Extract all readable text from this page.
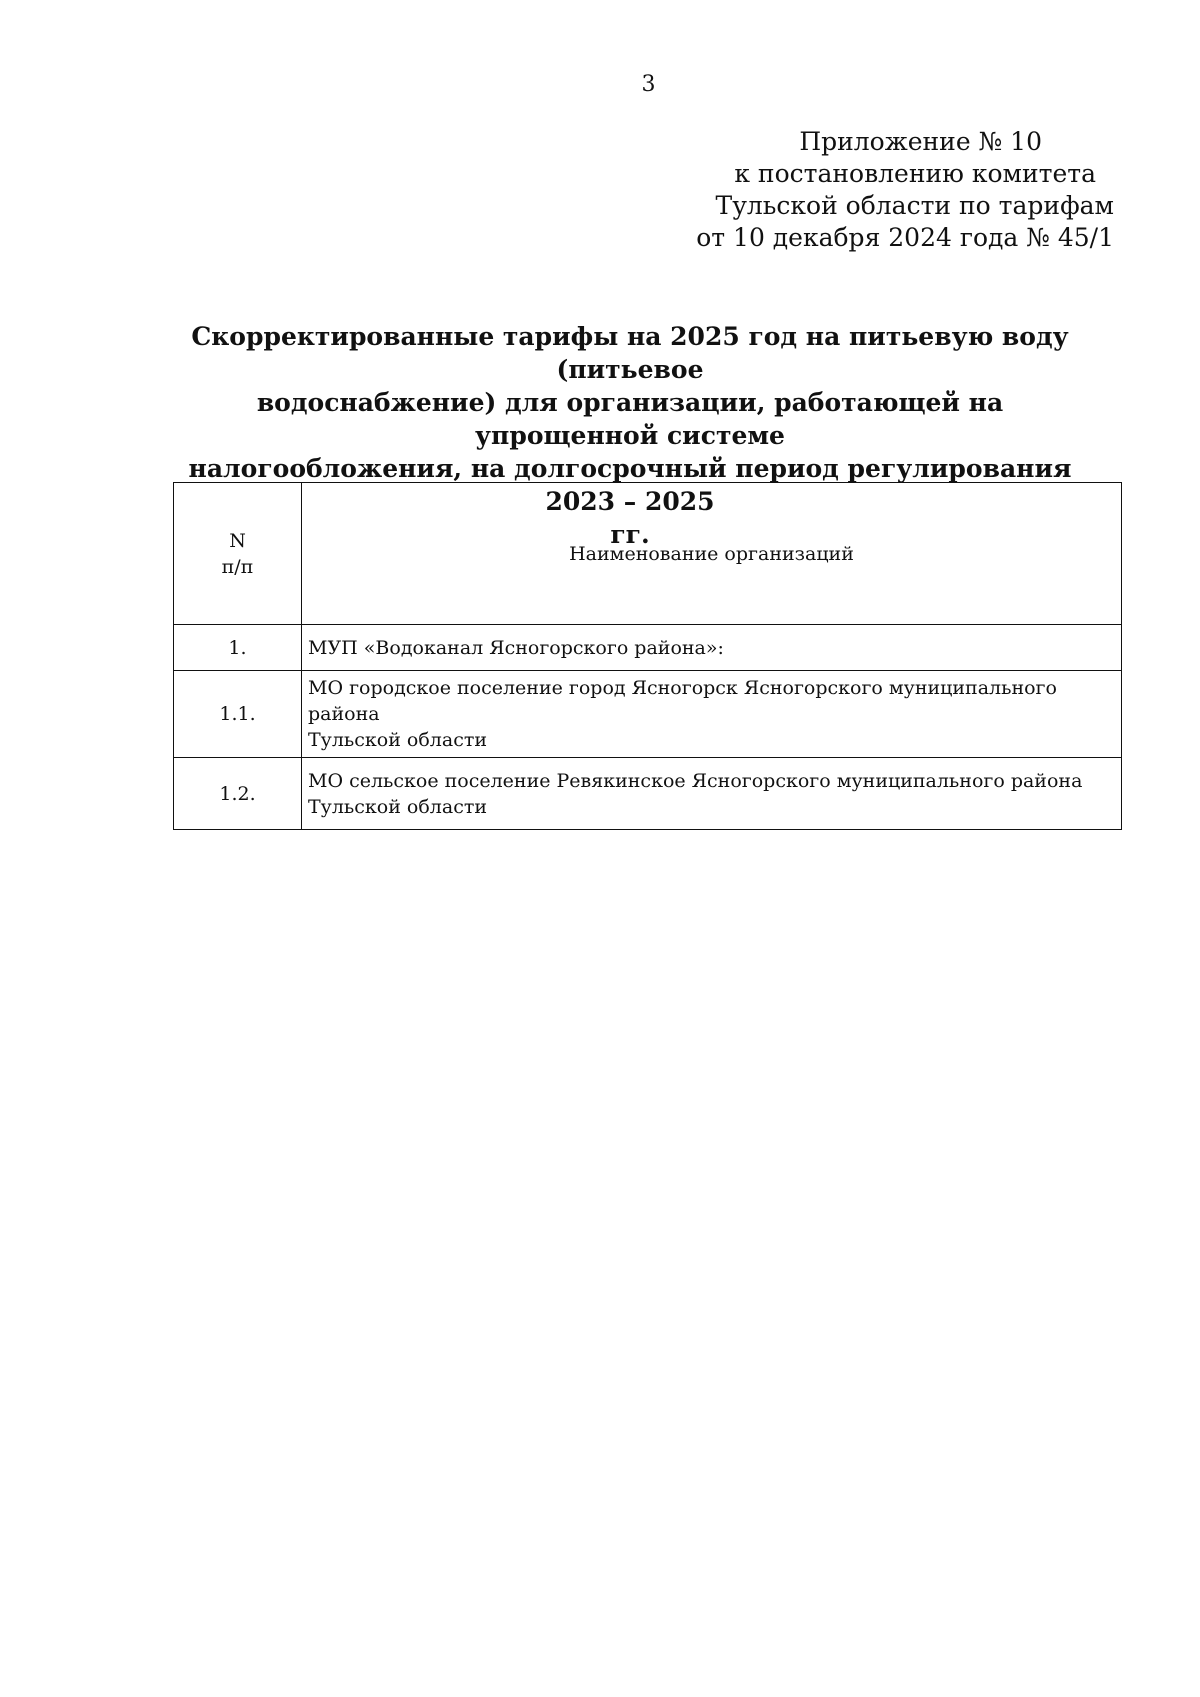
3
Приложение № 10
к постановлению комитета
Тульской области по тарифам
от 10 декабря 2024 года № 45/1
Скорректированные тарифы на 2025 год на питьевую воду (питьевое
водоснабжение) для организации, работающей на упрощенной системе
налогообложения, на долгосрочный период регулирования 2023 – 2025
гг.
N
п/п	Наименование организаций
1.	МУП «Водоканал Ясногорского района»:

1.1.	МО городское поселение город Ясногорск Ясногорского муниципального района
Тульской области

1.2.	МО сельское поселение Ревякинское Ясногорского муниципального района
Тульской области
